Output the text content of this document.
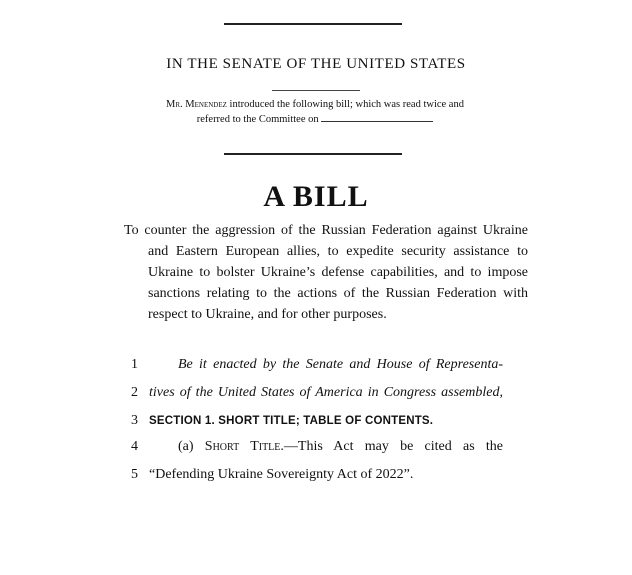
IN THE SENATE OF THE UNITED STATES
Mr. Menendez introduced the following bill; which was read twice and
referred to the Committee on
A BILL
To counter the aggression of the Russian Federation against Ukraine and Eastern European allies, to expedite security assistance to Ukraine to bolster Ukraine’s defense capabilities, and to impose sanctions relating to the actions of the Russian Federation with respect to Ukraine, and for other purposes.
1	Be it enacted by the Senate and House of Representa-
2 tives of the United States of America in Congress assembled,
3 SECTION 1. SHORT TITLE; TABLE OF CONTENTS.
4	(a) Short Title.—This Act may be cited as the
5 “Defending Ukraine Sovereignty Act of 2022”.
